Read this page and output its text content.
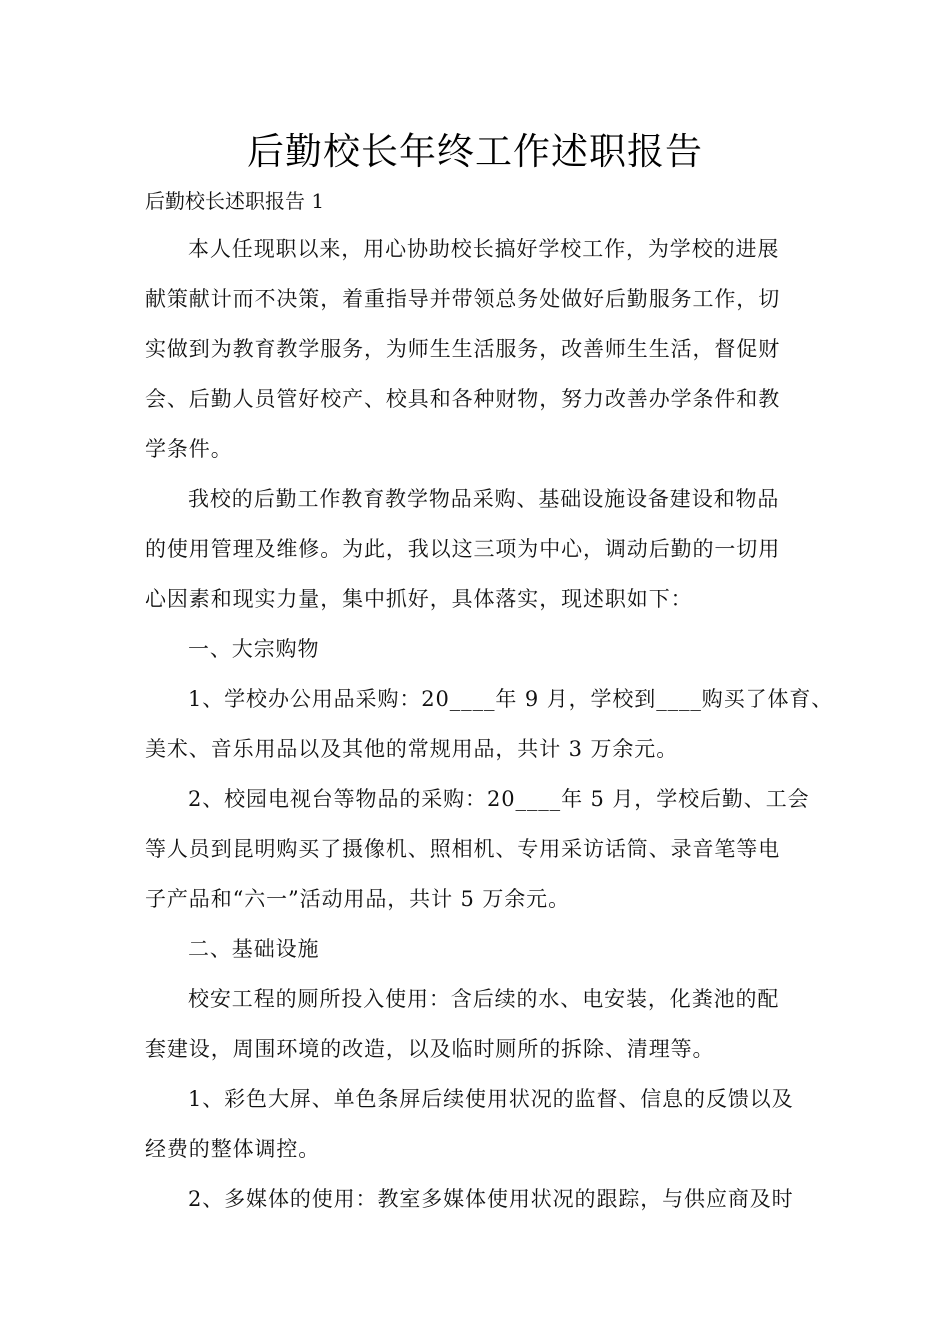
后勤校长年终工作述职报告

后勤校长述职报告 1

本人任现职以来，用心协助校长搞好学校工作，为学校的进展

献策献计而不决策，着重指导并带领总务处做好后勤服务工作，切

实做到为教育教学服务，为师生生活服务，改善师生生活，督促财

会、后勤人员管好校产、校具和各种财物，努力改善办学条件和教

学条件。

我校的后勤工作教育教学物品采购、基础设施设备建设和物品

的使用管理及维修。为此，我以这三项为中心，调动后勤的一切用

心因素和现实力量，集中抓好，具体落实，现述职如下：

一、大宗购物

1、学校办公用品采购：20____年 9 月，学校到____购买了体育、

美术、音乐用品以及其他的常规用品，共计 3 万余元。

2、校园电视台等物品的采购：20____年 5 月，学校后勤、工会

等人员到昆明购买了摄像机、照相机、专用采访话筒、录音笔等电

子产品和“六一”活动用品，共计 5 万余元。

二、基础设施

校安工程的厕所投入使用：含后续的水、电安装，化粪池的配

套建设，周围环境的改造，以及临时厕所的拆除、清理等。

1、彩色大屏、单色条屏后续使用状况的监督、信息的反馈以及

经费的整体调控。

2、多媒体的使用：教室多媒体使用状况的跟踪，与供应商及时
